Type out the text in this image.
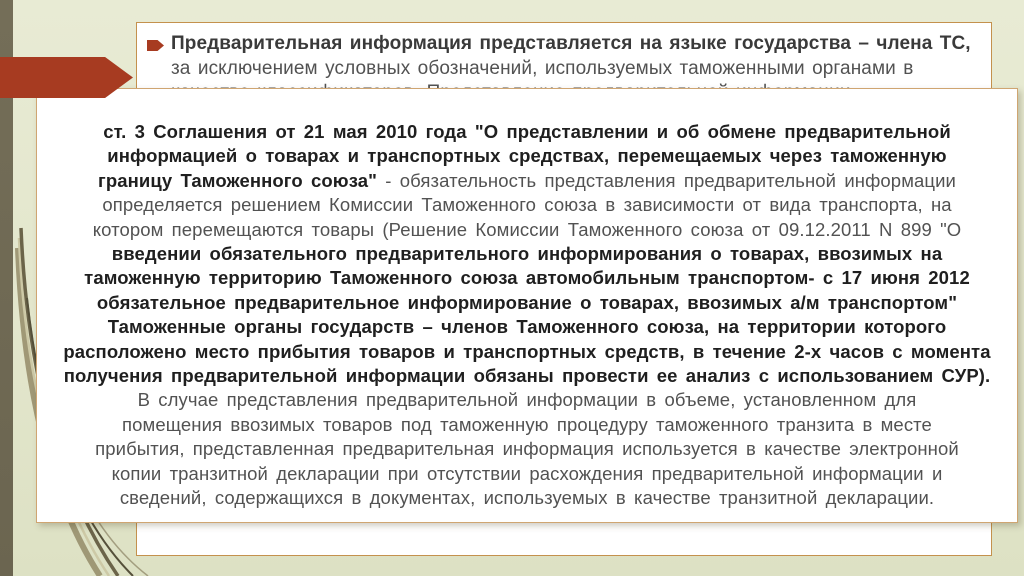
Предварительная информация представляется на языке государства – члена ТС,
за исключением условных обозначений, используемых таможенными органами в
ст. 3 Соглашения от 21 мая 2010 года "О представлении и об обмене предварительной
информацией о товарах и транспортных средствах, перемещаемых через таможенную
границу Таможенного союза" - обязательность представления предварительной информации
определяется решением Комиссии Таможенного союза в зависимости от вида транспорта, на
котором перемещаются товары (Решение Комиссии Таможенного союза от 09.12.2011 N 899 "О
введении обязательного предварительного информирования о товарах, ввозимых на
таможенную территорию Таможенного союза автомобильным транспортом- с 17 июня 2012
обязательное предварительное информирование о товарах, ввозимых а/м транспортом"
Таможенные органы государств – членов Таможенного союза, на территории которого
расположено место прибытия товаров и транспортных средств, в течение 2-х часов с момента
получения предварительной информации обязаны провести ее анализ с использованием СУР).
В случае представления предварительной информации в объеме, установленном для
помещения ввозимых товаров под таможенную процедуру таможенного транзита в месте
прибытия, представленная предварительная информация используется в качестве электронной
копии транзитной декларации при отсутствии расхождения предварительной информации и
сведений, содержащихся в документах, используемых в качестве транзитной декларации.
